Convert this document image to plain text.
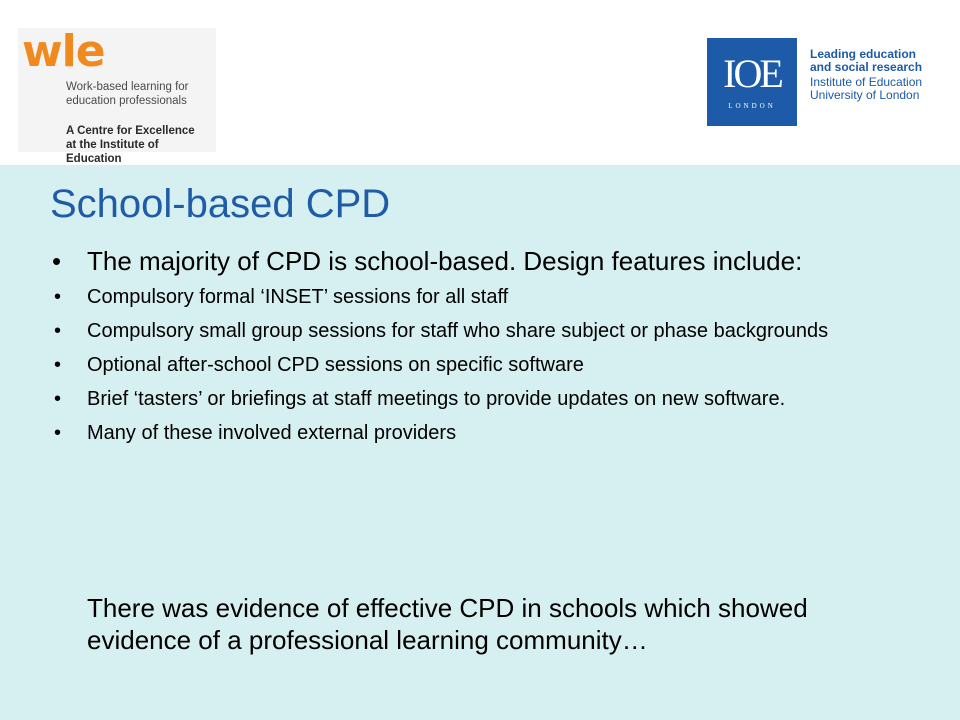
wle
Work-based learning for
education professionals
A Centre for Excellence
at the Institute of Education
IOE
LONDON
Leading education
and social research
Institute of Education
University of London
School-based CPD
• The majority of CPD is school-based. Design features include:
• Compulsory formal ‘INSET’ sessions for all staff
• Compulsory small group sessions for staff who share subject or phase backgrounds
• Optional after-school CPD sessions on specific software
• Brief ‘tasters’ or briefings at staff meetings to provide updates on new software.
• Many of these involved external providers
There was evidence of effective CPD in schools which showed evidence of a professional learning community…
